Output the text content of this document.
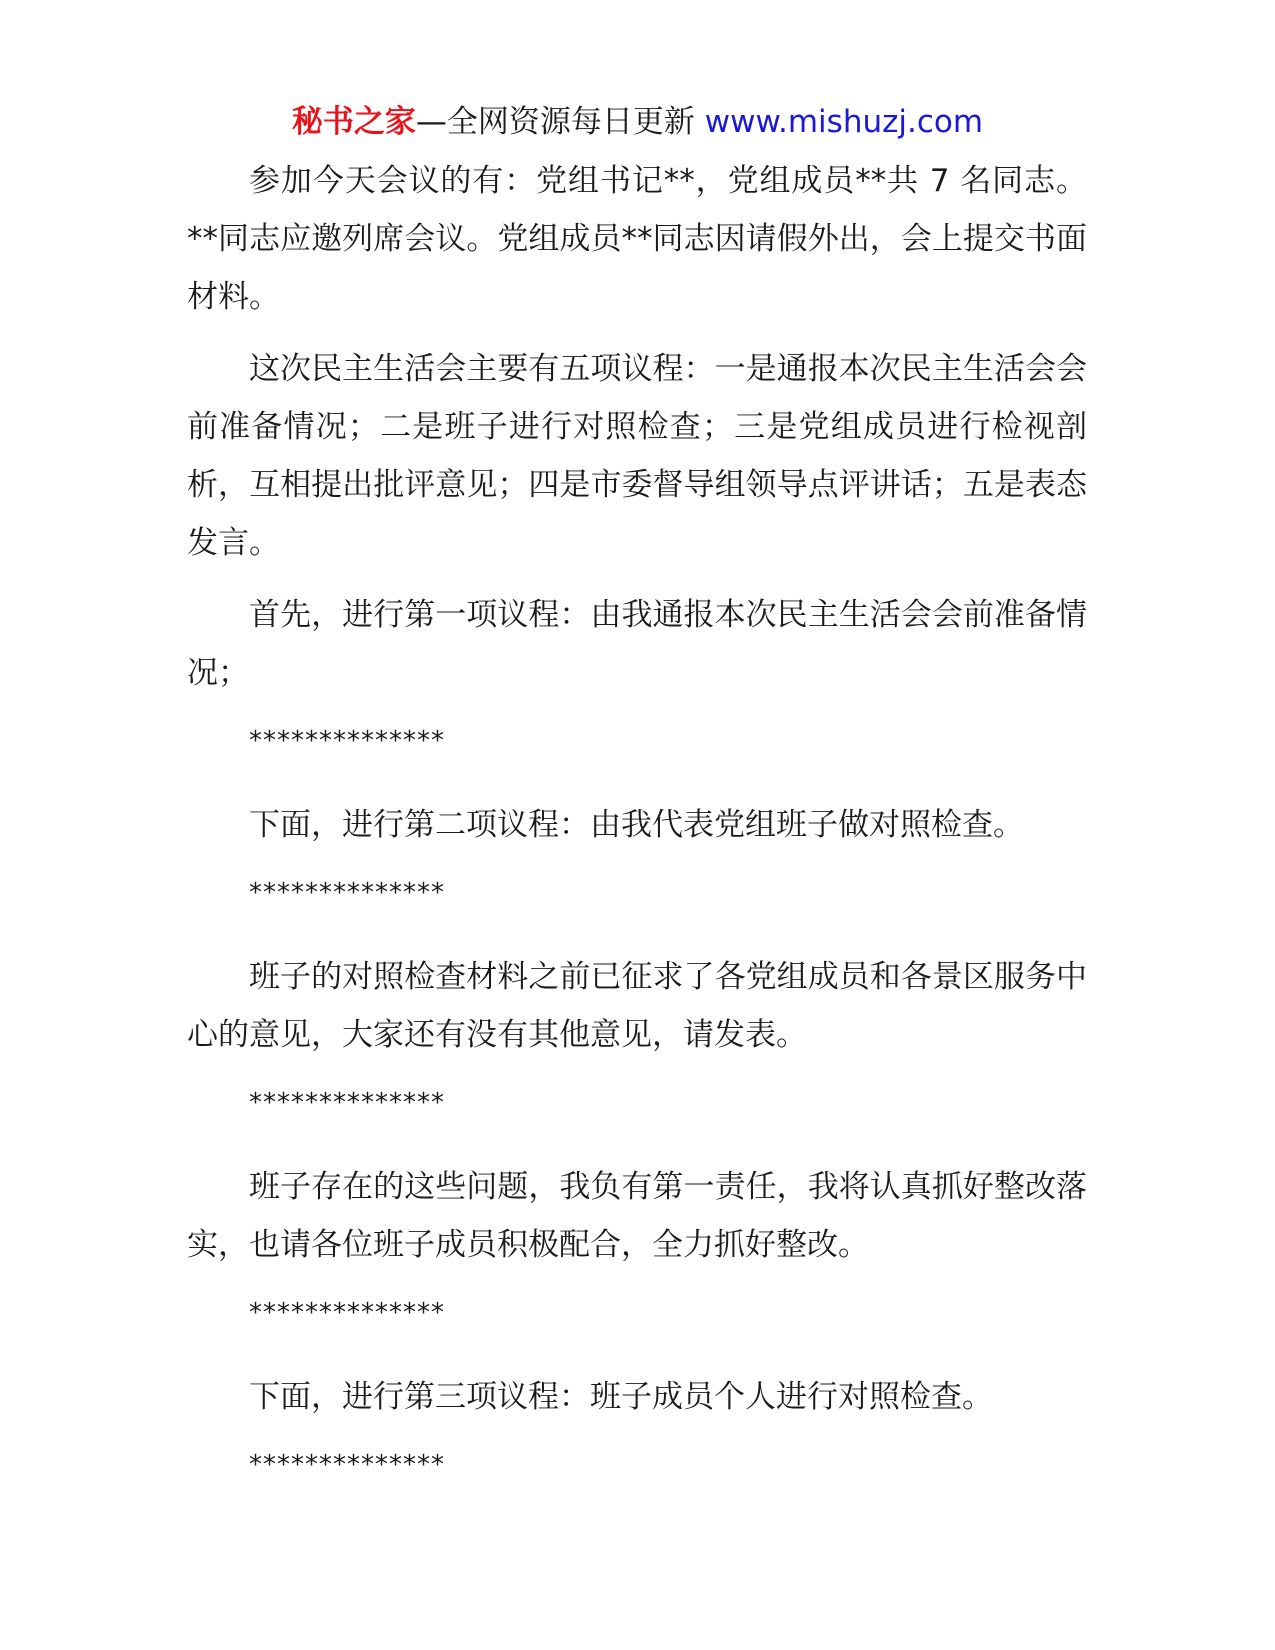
秘书之家—全网资源每日更新 www.mishuzj.com

参加今天会议的有：党组书记**，党组成员**共 7 名同志。**同志应邀列席会议。党组成员**同志因请假外出，会上提交书面材料。

这次民主生活会主要有五项议程：一是通报本次民主生活会会前准备情况；二是班子进行对照检查；三是党组成员进行检视剖析，互相提出批评意见；四是市委督导组领导点评讲话；五是表态发言。

首先，进行第一项议程：由我通报本次民主生活会会前准备情况；

**************

下面，进行第二项议程：由我代表党组班子做对照检查。

**************

班子的对照检查材料之前已征求了各党组成员和各景区服务中心的意见，大家还有没有其他意见，请发表。

**************

班子存在的这些问题，我负有第一责任，我将认真抓好整改落实，也请各位班子成员积极配合，全力抓好整改。

**************

下面，进行第三项议程：班子成员个人进行对照检查。

**************
